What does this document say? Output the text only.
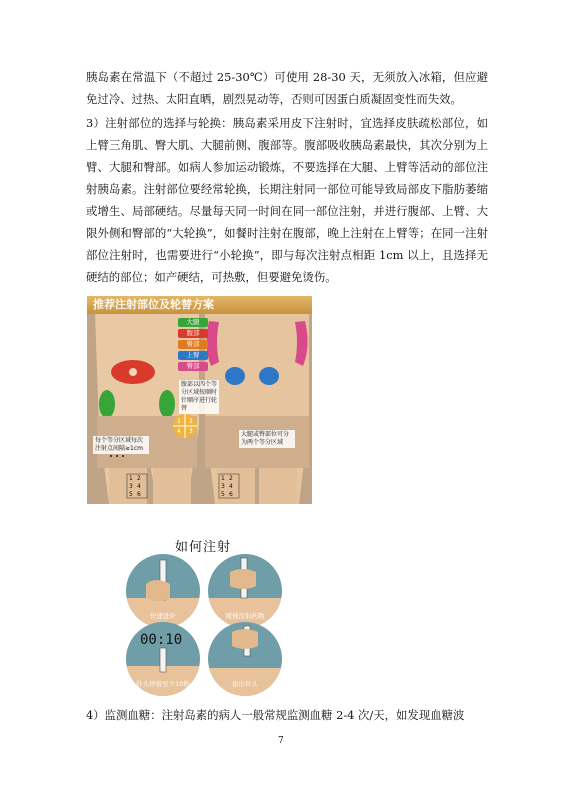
胰岛素在常温下（不超过 25-30℃）可使用 28-30 天，无须放入冰箱，但应避免过冷、过热、太阳直晒，剧烈晃动等，否则可因蛋白质凝固变性而失效。

3）注射部位的选择与轮换：胰岛素采用皮下注射时，宜选择皮肤疏松部位，如上臂三角肌、臀大肌、大腿前侧、腹部等。腹部吸收胰岛素最快，其次分别为上臂、大腿和臀部。如病人参加运动锻炼，不要选择在大腿、上臂等活动的部位注射胰岛素。注射部位要经常轮换，长期注射同一部位可能导致局部皮下脂肪萎缩或增生、局部硬结。尽量每天同一时间在同一部位注射，并进行腹部、上臂、大限外侧和臀部的“大轮换”，如餐时注射在腹部，晚上注射在上臂等；在同一注射部位注射时，也需要进行“小轮换”，即与每次注射点相距 1cm 以上，且选择无硬结的部位；如产硬结，可热敷，但要避免烫伤。

推荐注射部位及轮替方案
大腿
腹部
臀部
上臂
臀部
腹部以四个等分区域按顺时针顺序进行轮替
每个等分区域每次注射点间隔≥1cm
大腿或臀部位可分为两个等分区域
1 2
4 3
1 2
3 4
5 6
1 2
3 4
5 6
如何注射
快速进针	缓慢注射药物
00:10
针头停留至少10秒	拔出针头

4）监测血糖：注射岛素的病人一般常规监测血糖 2-4 次/天，如发现血糖波

7
